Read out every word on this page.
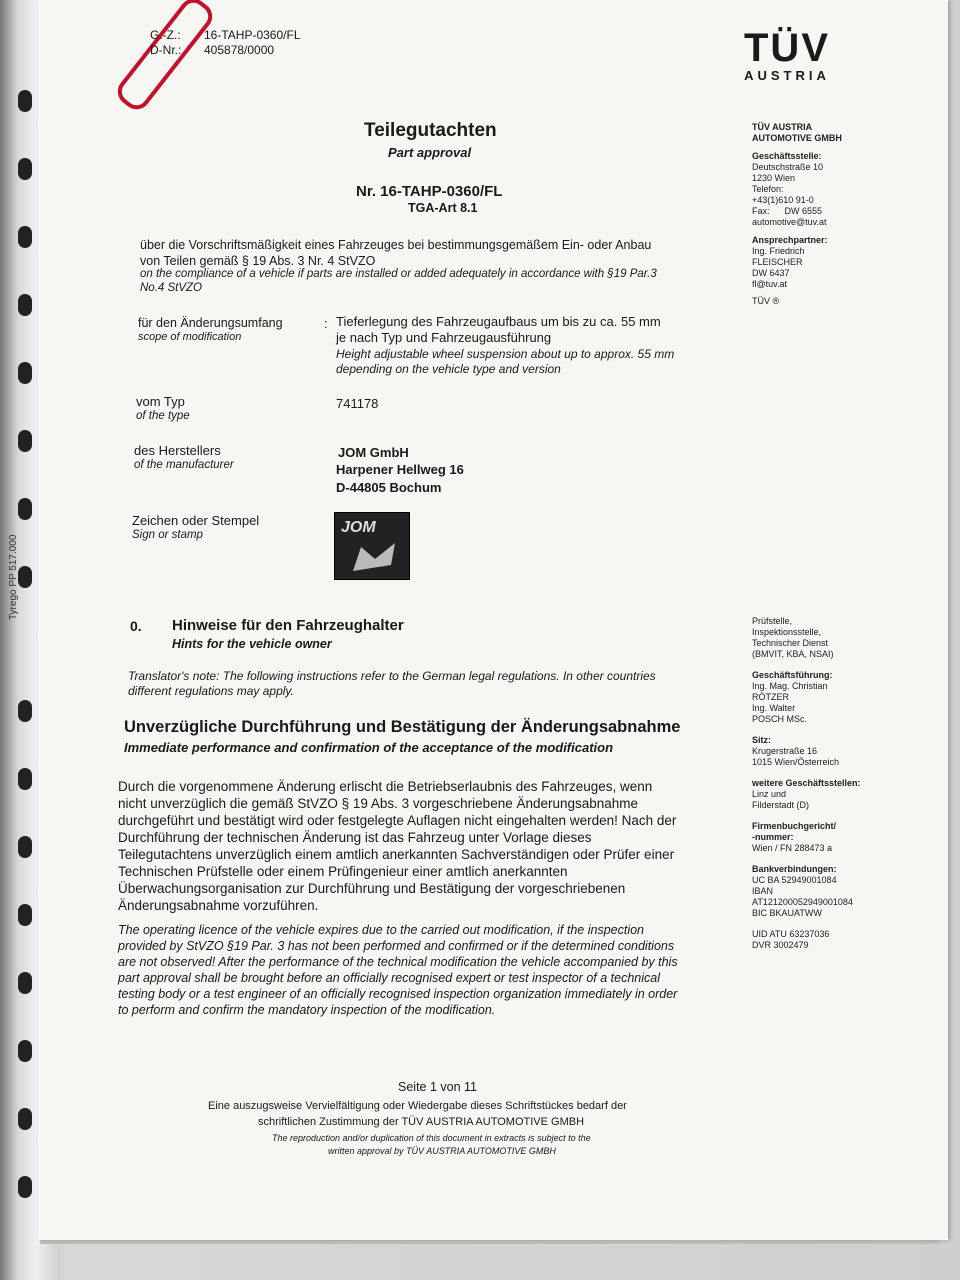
Tyrego PP 517.000
G.-Z.: 16-TAHP-0360/FL
D-Nr.: 405878/0000	TÜV
AUSTRIA
Teilegutachten
Part approval
Nr. 16-TAHP-0360/FL
TGA-Art 8.1
über die Vorschriftsmäßigkeit eines Fahrzeuges bei bestimmungsgemäßem Ein- oder Anbau
von Teilen gemäß § 19 Abs. 3 Nr. 4 StVZO
on the compliance of a vehicle if parts are installed or added adequately in accordance with §19 Par.3
No.4 StVZO
für den Änderungsumfang
scope of modification
: Tieferlegung des Fahrzeugaufbaus um bis zu ca. 55 mm
je nach Typ und Fahrzeugausführung
Height adjustable wheel suspension about up to approx. 55 mm
depending on the vehicle type and version
vom Typ
of the type
741178
des Herstellers
of the manufacturer
JOM GmbH
Harpener Hellweg 16
D-44805 Bochum
Zeichen oder Stempel
Sign or stamp	JOM
TÜV AUSTRIA
AUTOMOTIVE GMBH
Geschäftsstelle:
Deutschstraße 10
1230 Wien
Telefon:
+43(1)610 91-0
Fax:      DW 6555
automotive@tuv.at
Ansprechpartner:
Ing. Friedrich
FLEISCHER
DW 6437
fl@tuv.at
TÜV ®
0. Hinweise für den Fahrzeughalter
Hints for the vehicle owner
Translator's note: The following instructions refer to the German legal regulations. In other countries
different regulations may apply.
Unverzügliche Durchführung und Bestätigung der Änderungsabnahme
Immediate performance and confirmation of the acceptance of the modification
Durch die vorgenommene Änderung erlischt die Betriebserlaubnis des Fahrzeuges, wenn
nicht unverzüglich die gemäß StVZO § 19 Abs. 3 vorgeschriebene Änderungsabnahme
durchgeführt und bestätigt wird oder festgelegte Auflagen nicht eingehalten werden! Nach der
Durchführung der technischen Änderung ist das Fahrzeug unter Vorlage dieses
Teilegutachtens unverzüglich einem amtlich anerkannten Sachverständigen oder Prüfer einer
Technischen Prüfstelle oder einem Prüfingenieur einer amtlich anerkannten
Überwachungsorganisation zur Durchführung und Bestätigung der vorgeschriebenen
Änderungsabnahme vorzuführen.
The operating licence of the vehicle expires due to the carried out modification, if the inspection
provided by StVZO §19 Par. 3 has not been performed and confirmed or if the determined conditions
are not observed! After the performance of the technical modification the vehicle accompanied by this
part approval shall be brought before an officially recognised expert or test inspector of a technical
testing body or a test engineer of an officially recognised inspection organization immediately in order
to perform and confirm the mandatory inspection of the modification.
Prüfstelle,
Inspektionsstelle,
Technischer Dienst
(BMVIT, KBA, NSAI)
Geschäftsführung:
Ing. Mag. Christian
RÖTZER
Ing. Walter
POSCH MSc.
Sitz:
Krugerstraße 16
1015 Wien/Österreich
weitere Geschäftsstellen:
Linz und
Filderstadt (D)
Firmenbuchgericht/
-nummer:
Wien / FN 288473 a
Bankverbindungen:
UC BA 52949001084
IBAN
AT121200052949001084
BIC BKAUATWW
UID ATU 63237036
DVR 3002479
Seite 1 von 11
Eine auszugsweise Vervielfältigung oder Wiedergabe dieses Schriftstückes bedarf der
schriftlichen Zustimmung der TÜV AUSTRIA AUTOMOTIVE GMBH
The reproduction and/or duplication of this document in extracts is subject to the
written approval by TÜV AUSTRIA AUTOMOTIVE GMBH
